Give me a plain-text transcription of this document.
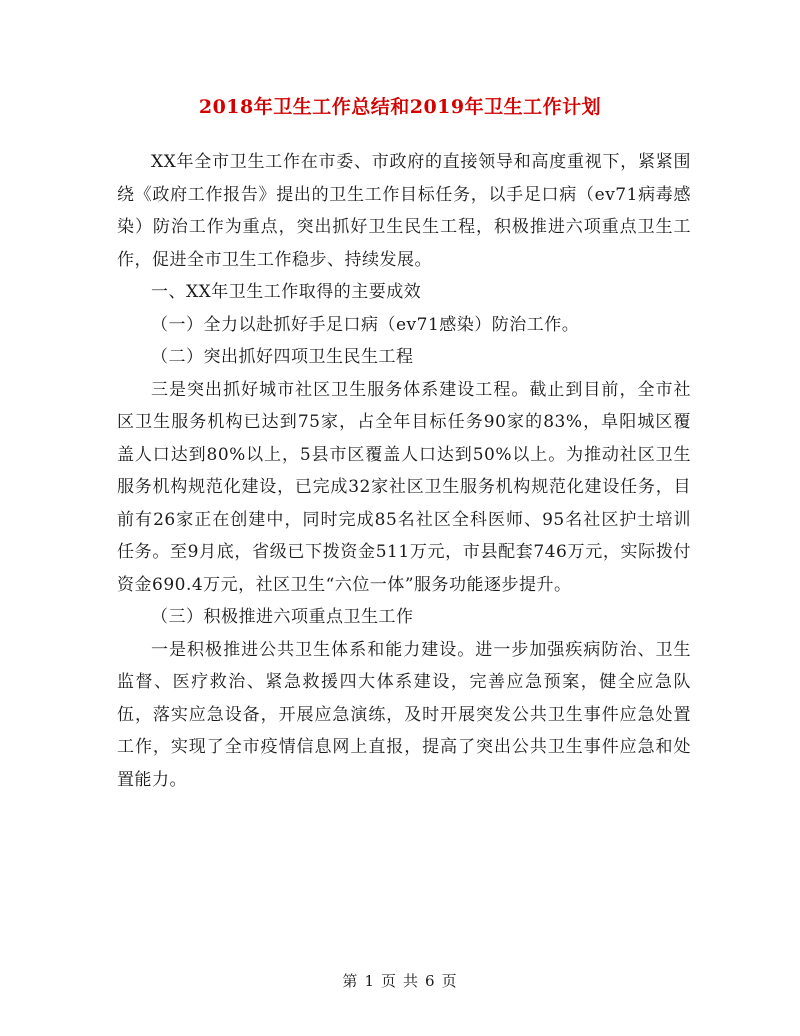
2018年卫生工作总结和2019年卫生工作计划

XX年全市卫生工作在市委、市政府的直接领导和高度重视下，紧紧围绕《政府工作报告》提出的卫生工作目标任务，以手足口病（ev71病毒感染）防治工作为重点，突出抓好卫生民生工程，积极推进六项重点卫生工作，促进全市卫生工作稳步、持续发展。

一、XX年卫生工作取得的主要成效

（一）全力以赴抓好手足口病（ev71感染）防治工作。

（二）突出抓好四项卫生民生工程

三是突出抓好城市社区卫生服务体系建设工程。截止到目前，全市社区卫生服务机构已达到75家，占全年目标任务90家的83%，阜阳城区覆盖人口达到80%以上，5县市区覆盖人口达到50%以上。为推动社区卫生服务机构规范化建设，已完成32家社区卫生服务机构规范化建设任务，目前有26家正在创建中，同时完成85名社区全科医师、95名社区护士培训任务。至9月底，省级已下拨资金511万元，市县配套746万元，实际拨付资金690.4万元，社区卫生“六位一体”服务功能逐步提升。

（三）积极推进六项重点卫生工作

一是积极推进公共卫生体系和能力建设。进一步加强疾病防治、卫生监督、医疗救治、紧急救援四大体系建设，完善应急预案，健全应急队伍，落实应急设备，开展应急演练，及时开展突发公共卫生事件应急处置工作，实现了全市疫情信息网上直报，提高了突出公共卫生事件应急和处置能力。

第 1 页 共 6 页
